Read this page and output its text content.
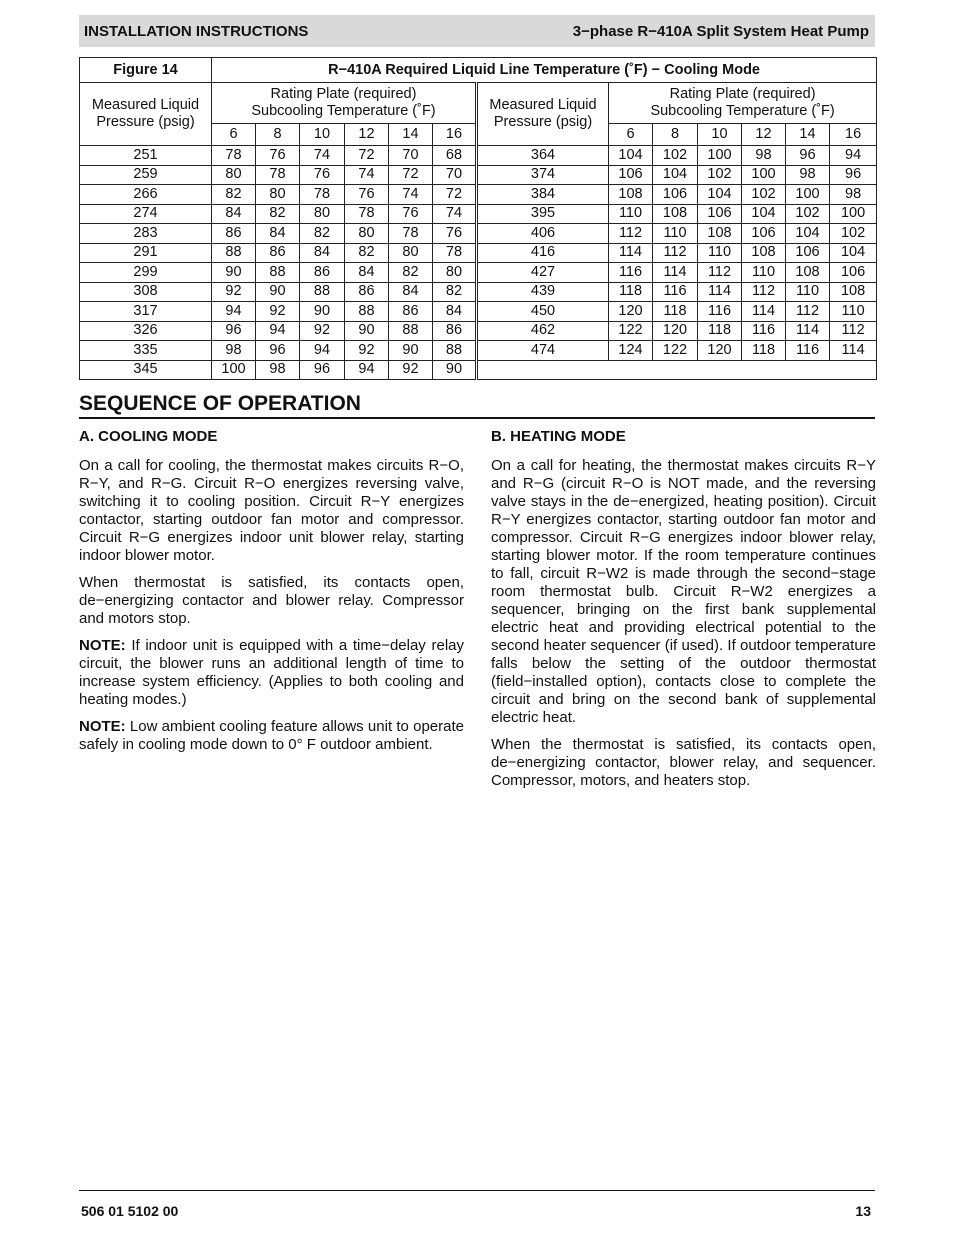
INSTALLATION INSTRUCTIONS	3−phase R−410A Split System Heat Pump
Figure 14	R−410A Required Liquid Line Temperature (˚F) − Cooling Mode												
Measured Liquid Pressure (psig)	Rating Plate (required)
Subcooling Temperature (˚F)						Measured Liquid Pressure (psig)	Rating Plate (required)
Subcooling Temperature (˚F)					
	6	8	10	12	14	16		6	8	10	12	14	16
251	78	76	74	72	70	68	364	104	102	100	98	96	94
259	80	78	76	74	72	70	374	106	104	102	100	98	96
266	82	80	78	76	74	72	384	108	106	104	102	100	98
274	84	82	80	78	76	74	395	110	108	106	104	102	100
283	86	84	82	80	78	76	406	112	110	108	106	104	102
291	88	86	84	82	80	78	416	114	112	110	108	106	104
299	90	88	86	84	82	80	427	116	114	112	110	108	106
308	92	90	88	86	84	82	439	118	116	114	112	110	108
317	94	92	90	88	86	84	450	120	118	116	114	112	110
326	96	94	92	90	88	86	462	122	120	118	116	114	112
335	98	96	94	92	90	88	474	124	122	120	118	116	114
345	100	98	96	94	92	90							
SEQUENCE OF OPERATION
A. COOLING MODE

On a call for cooling, the thermostat makes circuits R−O, R−Y, and R−G. Circuit R−O energizes reversing valve, switching it to cooling position. Circuit R−Y energizes contactor, starting outdoor fan motor and compressor. Circuit R−G energizes indoor unit blower relay, starting indoor blower motor.

When thermostat is satisfied, its contacts open, de−energizing contactor and blower relay. Compressor and motors stop.

NOTE: If indoor unit is equipped with a time−delay relay circuit, the blower runs an additional length of time to increase system efficiency. (Applies to both cooling and heating modes.)

NOTE: Low ambient cooling feature allows unit to operate safely in cooling mode down to 0° F outdoor ambient.

B. HEATING MODE

On a call for heating, the thermostat makes circuits R−Y and R−G (circuit R−O is NOT made, and the reversing valve stays in the de−energized, heating position). Circuit R−Y energizes contactor, starting outdoor fan motor and compressor. Circuit R−G energizes indoor blower relay, starting blower motor. If the room temperature continues to fall, circuit R−W2 is made through the second−stage room thermostat bulb. Circuit R−W2 energizes a sequencer, bringing on the first bank supplemental electric heat and providing electrical potential to the second heater sequencer (if used). If outdoor temperature falls below the setting of the outdoor thermostat (field−installed option), contacts close to complete the circuit and bring on the second bank of supplemental electric heat.

When the thermostat is satisfied, its contacts open, de−energizing contactor, blower relay, and sequencer. Compressor, motors, and heaters stop.

506 01 5102 00	13
